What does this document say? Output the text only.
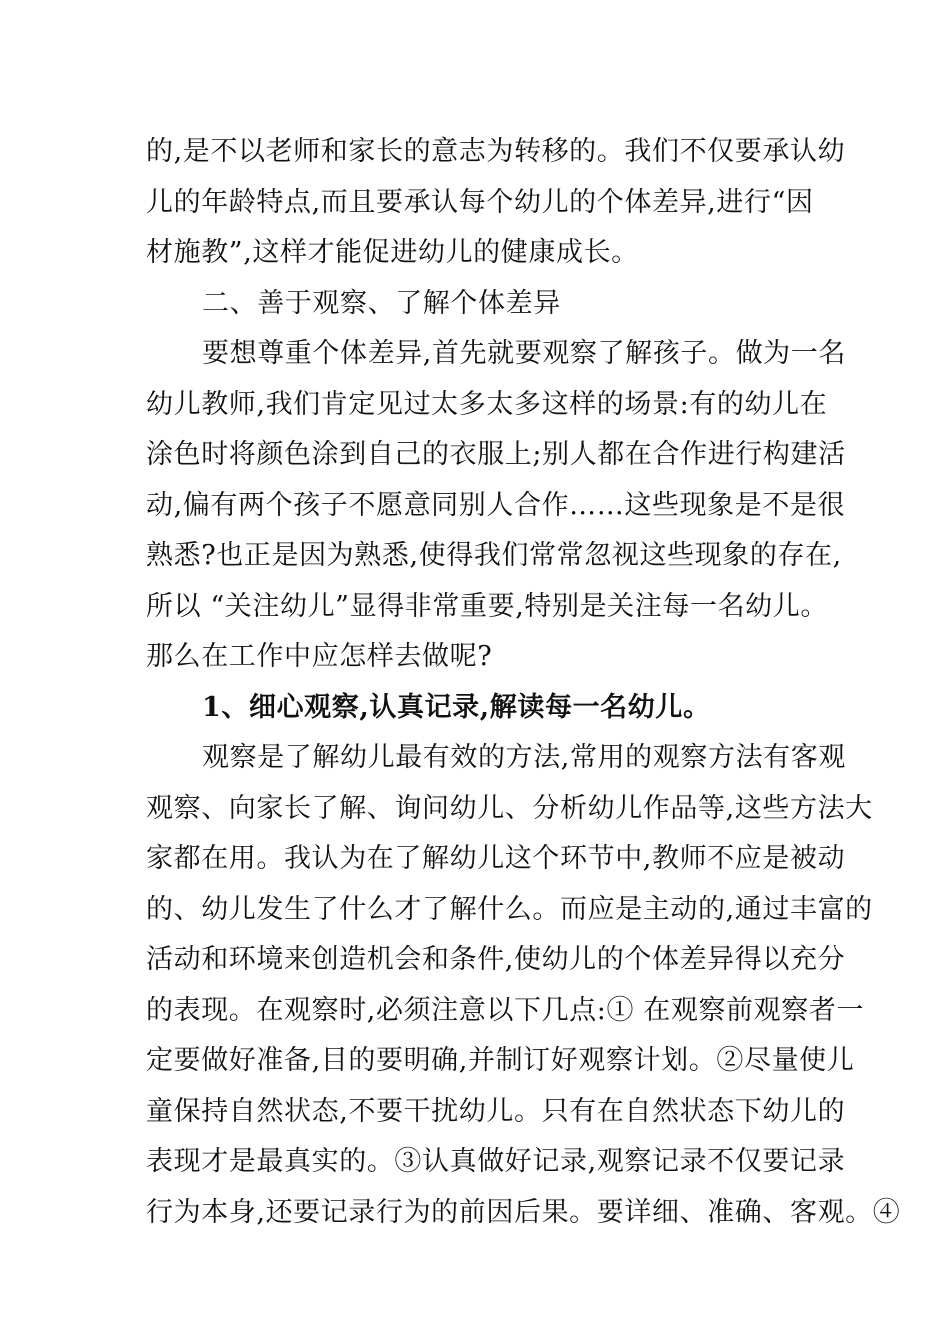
的,是不以老师和家长的意志为转移的。我们不仅要承认幼
儿的年龄特点,而且要承认每个幼儿的个体差异,进行“因
材施教”,这样才能促进幼儿的健康成长。
二、善于观察、了解个体差异
要想尊重个体差异,首先就要观察了解孩子。做为一名
幼儿教师,我们肯定见过太多太多这样的场景:有的幼儿在
涂色时将颜色涂到自己的衣服上;别人都在合作进行构建活
动,偏有两个孩子不愿意同别人合作……这些现象是不是很
熟悉?也正是因为熟悉,使得我们常常忽视这些现象的存在,
所以 “关注幼儿”显得非常重要,特别是关注每一名幼儿。
那么在工作中应怎样去做呢?
1、细心观察,认真记录,解读每一名幼儿。
观察是了解幼儿最有效的方法,常用的观察方法有客观
观察、向家长了解、询问幼儿、分析幼儿作品等,这些方法大
家都在用。我认为在了解幼儿这个环节中,教师不应是被动
的、幼儿发生了什么才了解什么。而应是主动的,通过丰富的
活动和环境来创造机会和条件,使幼儿的个体差异得以充分
的表现。在观察时,必须注意以下几点:① 在观察前观察者一
定要做好准备,目的要明确,并制订好观察计划。②尽量使儿
童保持自然状态,不要干扰幼儿。只有在自然状态下幼儿的
表现才是最真实的。③认真做好记录,观察记录不仅要记录
行为本身,还要记录行为的前因后果。要详细、准确、客观。④
